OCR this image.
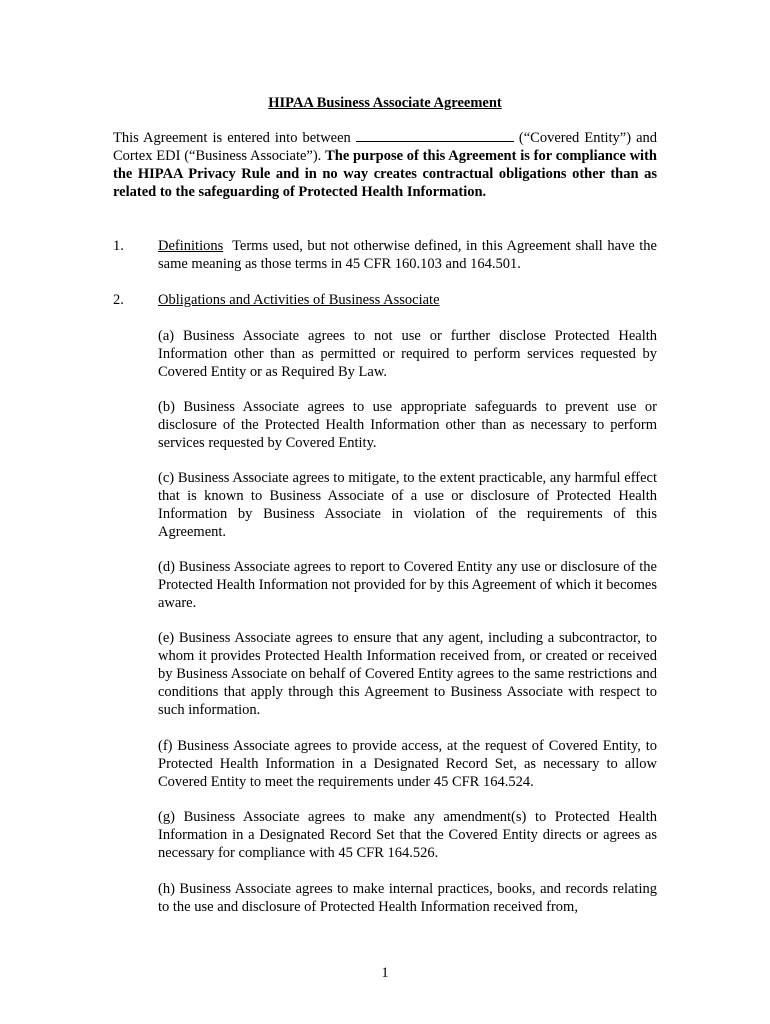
HIPAA Business Associate Agreement
This Agreement is entered into between	(“Covered Entity”) and Cortex EDI (“Business Associate”). The purpose of this Agreement is for compliance with the HIPAA Privacy Rule and in no way creates contractual obligations other than as related to the safeguarding of Protected Health Information.
1. Definitions Terms used, but not otherwise defined, in this Agreement shall have the same meaning as those terms in 45 CFR 160.103 and 164.501.
2. Obligations and Activities of Business Associate
(a) Business Associate agrees to not use or further disclose Protected Health Information other than as permitted or required to perform services requested by Covered Entity or as Required By Law.
(b) Business Associate agrees to use appropriate safeguards to prevent use or disclosure of the Protected Health Information other than as necessary to perform services requested by Covered Entity.
(c) Business Associate agrees to mitigate, to the extent practicable, any harmful effect that is known to Business Associate of a use or disclosure of Protected Health Information by Business Associate in violation of the requirements of this Agreement.
(d) Business Associate agrees to report to Covered Entity any use or disclosure of the Protected Health Information not provided for by this Agreement of which it becomes aware.
(e) Business Associate agrees to ensure that any agent, including a subcontractor, to whom it provides Protected Health Information received from, or created or received by Business Associate on behalf of Covered Entity agrees to the same restrictions and conditions that apply through this Agreement to Business Associate with respect to such information.
(f) Business Associate agrees to provide access, at the request of Covered Entity, to Protected Health Information in a Designated Record Set, as necessary to allow Covered Entity to meet the requirements under 45 CFR 164.524.
(g) Business Associate agrees to make any amendment(s) to Protected Health Information in a Designated Record Set that the Covered Entity directs or agrees as necessary for compliance with 45 CFR 164.526.
(h) Business Associate agrees to make internal practices, books, and records relating to the use and disclosure of Protected Health Information received from,
1
